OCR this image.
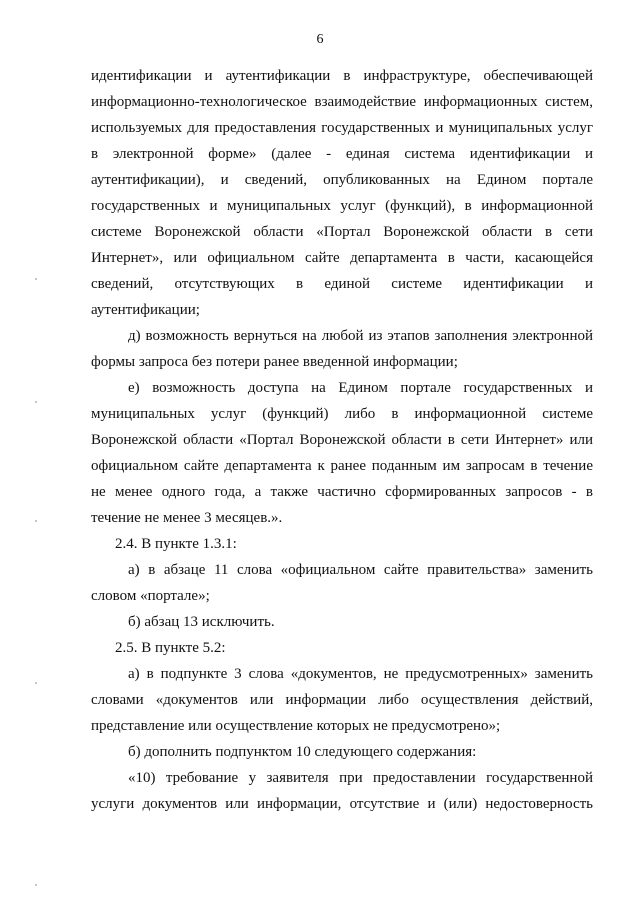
6
идентификации и аутентификации в инфраструктуре, обеспечивающей
информационно-технологическое взаимодействие информационных систем,
используемых для предоставления государственных и муниципальных услуг
в электронной форме» (далее - единая система идентификации и
аутентификации), и сведений, опубликованных на Едином портале
государственных и муниципальных услуг (функций), в информационной
системе Воронежской области «Портал Воронежской области в сети
Интернет», или официальном сайте департамента в части, касающейся
сведений, отсутствующих в единой системе идентификации и
аутентификации;
д) возможность вернуться на любой из этапов заполнения электронной
формы запроса без потери ранее введенной информации;
е) возможность доступа на Едином портале государственных и
муниципальных услуг (функций) либо в информационной системе
Воронежской области «Портал Воронежской области в сети Интернет» или
официальном сайте департамента к ранее поданным им запросам в течение
не менее одного года, а также частично сформированных запросов - в
течение не менее 3 месяцев.».
2.4. В пункте 1.3.1:
а) в абзаце 11 слова «официальном сайте правительства» заменить
словом «портале»;
б) абзац 13 исключить.
2.5. В пункте 5.2:
а) в подпункте 3 слова «документов, не предусмотренных» заменить
словами «документов или информации либо осуществления действий,
представление или осуществление которых не предусмотрено»;
б) дополнить подпунктом 10 следующего содержания:
«10) требование у заявителя при предоставлении государственной
услуги документов или информации, отсутствие и (или) недостоверность
